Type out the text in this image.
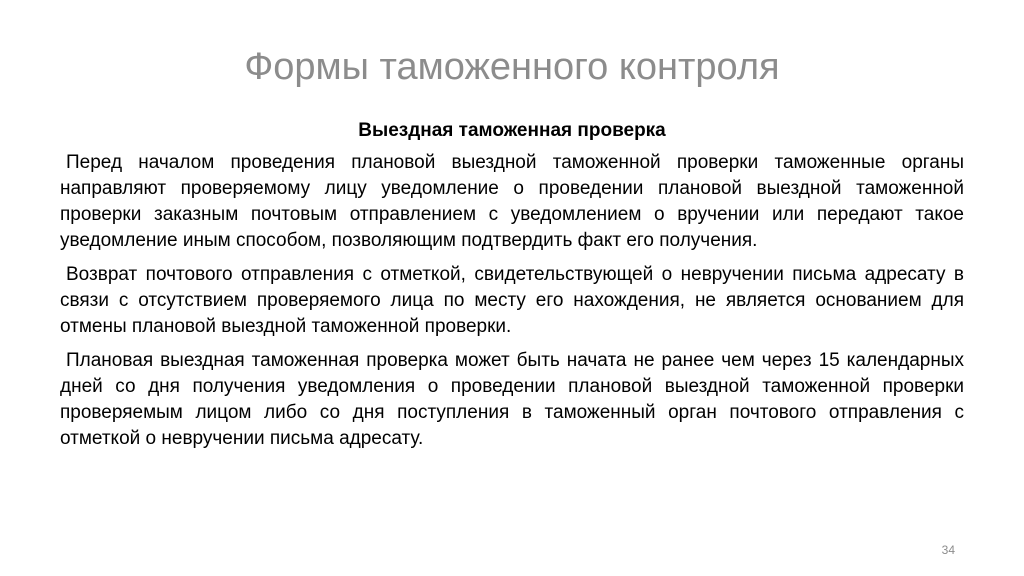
Формы таможенного контроля

Выездная таможенная проверка

Перед началом проведения плановой выездной таможенной проверки таможенные органы направляют проверяемому лицу уведомление о проведении плановой выездной таможенной проверки заказным почтовым отправлением с уведомлением о вручении или передают такое уведомление иным способом, позволяющим подтвердить факт его получения.

Возврат почтового отправления с отметкой, свидетельствующей о невручении письма адресату в связи с отсутствием проверяемого лица по месту его нахождения, не является основанием для отмены плановой выездной таможенной проверки.

Плановая выездная таможенная проверка может быть начата не ранее чем через 15 календарных дней со дня получения уведомления о проведении плановой выездной таможенной проверки проверяемым лицом либо со дня поступления в таможенный орган почтового отправления с отметкой о невручении письма адресату.

34
